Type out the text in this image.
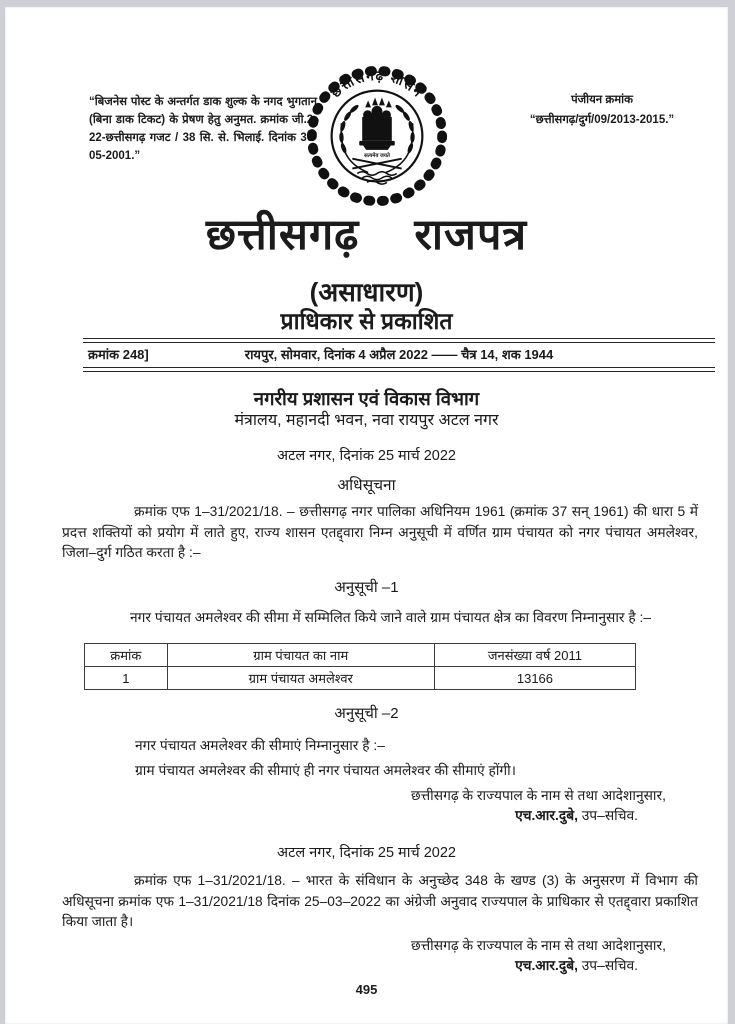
“बिजनेस पोस्ट के अन्तर्गत डाक शुल्क के नगद भुगतान (बिना डाक टिकट) के प्रेषण हेतु अनुमत. क्रमांक जी.2-22-छत्तीसगढ़ गजट / 38 सि. से. भिलाई. दिनांक 30-05-2001.”
छत्तीसगढ़ शासन
सत्यमेव जयते
पंजीयन क्रमांक
“छत्तीसगढ़/दुर्ग/09/2013-2015.”
छत्तीसगढ़ राजपत्र
(असाधारण)
प्राधिकार से प्रकाशित
क्रमांक 248]	रायपुर, सोमवार, दिनांक 4 अप्रैल 2022 —— चैत्र 14, शक 1944
नगरीय प्रशासन एवं विकास विभाग
मंत्रालय, महानदी भवन, नवा रायपुर अटल नगर
अटल नगर, दिनांक 25 मार्च 2022
अधिसूचना
क्रमांक एफ 1–31/2021/18. – छत्तीसगढ़ नगर पालिका अधिनियम 1961 (क्रमांक 37 सन् 1961) की धारा 5 में प्रदत्त शक्तियों को प्रयोग में लाते हुए, राज्य शासन एतद्द्वारा निम्न अनुसूची में वर्णित ग्राम पंचायत को नगर पंचायत अमलेश्वर, जिला–दुर्ग गठित करता है :–
अनुसूची –1
नगर पंचायत अमलेश्वर की सीमा में सम्मिलित किये जाने वाले ग्राम पंचायत क्षेत्र का विवरण निम्नानुसार है :–
क्रमांक	ग्राम पंचायत का नाम	जनसंख्या वर्ष 2011
1	ग्राम पंचायत अमलेश्वर	13166
अनुसूची –2
नगर पंचायत अमलेश्वर की सीमाएं निम्नानुसार है :–
ग्राम पंचायत अमलेश्वर की सीमाएं ही नगर पंचायत अमलेश्वर की सीमाएं होंगी।
छत्तीसगढ़ के राज्यपाल के नाम से तथा आदेशानुसार,
एच.आर.दुबे, उप–सचिव.
अटल नगर, दिनांक 25 मार्च 2022
क्रमांक एफ 1–31/2021/18. – भारत के संविधान के अनुच्छेद 348 के खण्ड (3) के अनुसरण में विभाग की अधिसूचना क्रमांक एफ 1–31/2021/18 दिनांक 25–03–2022 का अंग्रेजी अनुवाद राज्यपाल के प्राधिकार से एतद्द्वारा प्रकाशित किया जाता है।
छत्तीसगढ़ के राज्यपाल के नाम से तथा आदेशानुसार,
एच.आर.दुबे, उप–सचिव.
495
